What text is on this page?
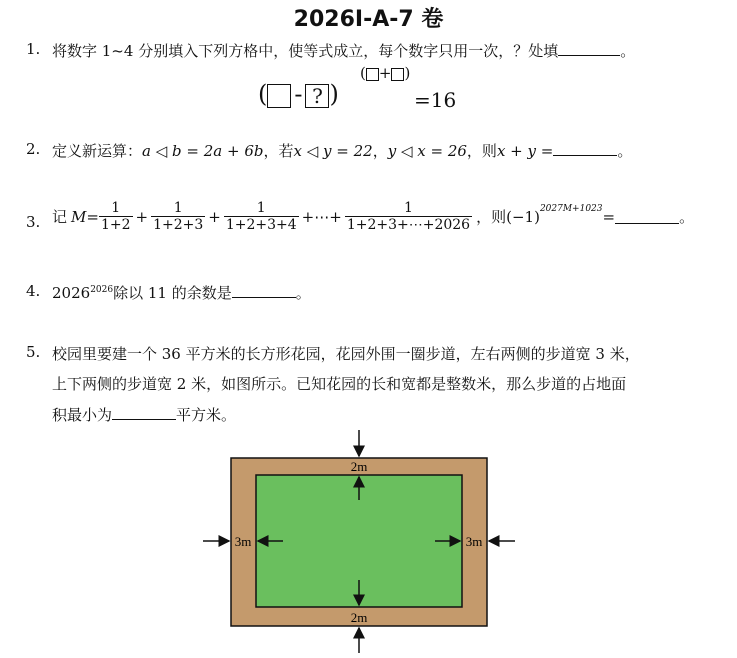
2026I-A-7 卷
1. 将数字 1~4 分别填入下列方格中，使等式成立，每个数字只用一次，？处填	。
( - ? )
( + )
=16
2. 定义新运算：a ◁ b = 2a + 6b，若x ◁ y = 22，y ◁ x = 26，则x + y =	。
3. 记 $M= \frac{1}{1+2} + \frac{1}{1+2+3} + \frac{1}{1+2+3+4}$ +⋯+ $\frac{1}{1+2+3+\cdots+2026}$ ，则 $(-1)^{2027M+1023}$ =	。
4. $2026^{2026}$除以 11 的余数是	。
5. 校园里要建一个 36 平方米的长方形花园，花园外围一圈步道，左右两侧的步道宽 3 米，
上下两侧的步道宽 2 米，如图所示。已知花园的长和宽都是整数米，那么步道的占地面
积最小为	平方米。
2m
2m
3m	3m
